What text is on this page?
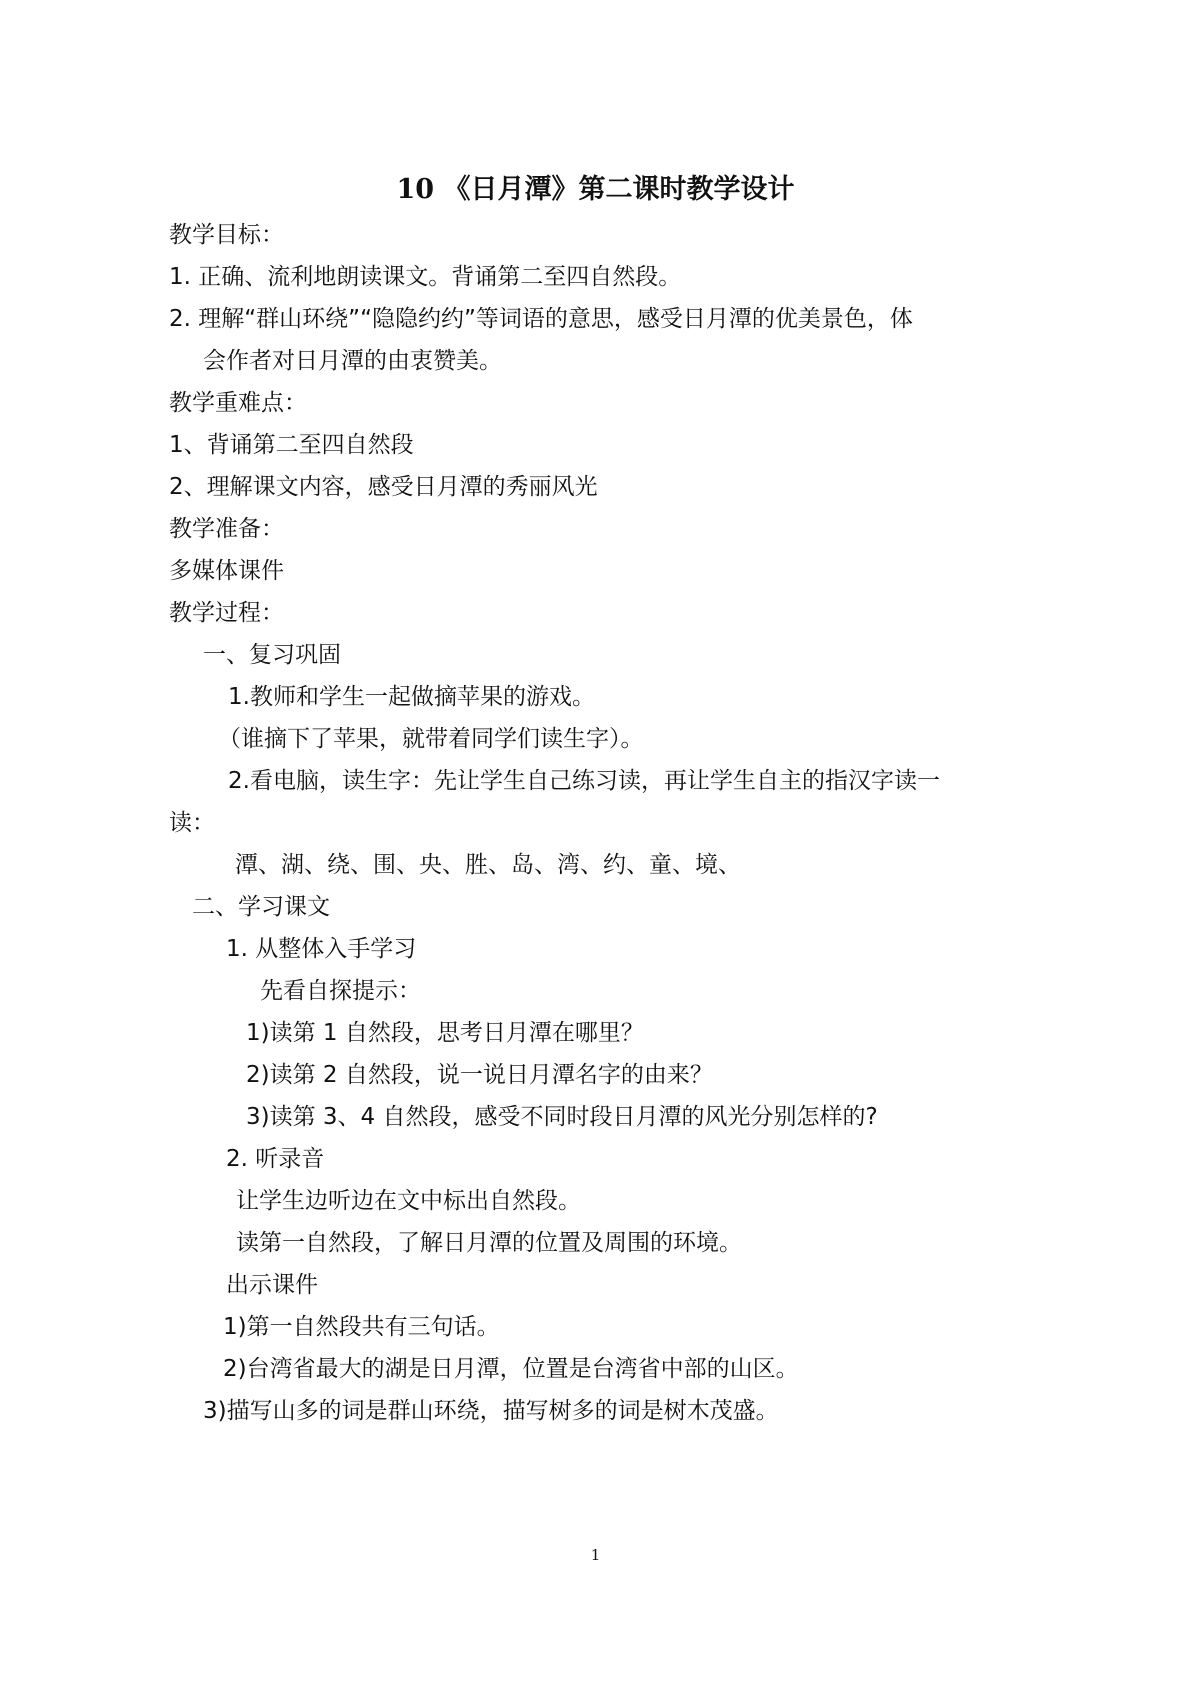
10 《日月潭》第二课时教学设计
教学目标：
1. 正确、流利地朗读课文。背诵第二至四自然段。
2. 理解“群山环绕”“隐隐约约”等词语的意思，感受日月潭的优美景色，体
会作者对日月潭的由衷赞美。
教学重难点：
1、背诵第二至四自然段
2、理解课文内容，感受日月潭的秀丽风光
教学准备：
多媒体课件
教学过程：
一、复习巩固
1.教师和学生一起做摘苹果的游戏。
（谁摘下了苹果，就带着同学们读生字）。
2.看电脑，读生字：先让学生自己练习读，再让学生自主的指汉字读一
读：
潭、湖、绕、围、央、胜、岛、湾、约、童、境、
二、学习课文
1. 从整体入手学习
先看自探提示：
1)读第 1 自然段，思考日月潭在哪里？
2)读第 2 自然段，说一说日月潭名字的由来？
3)读第 3、4 自然段，感受不同时段日月潭的风光分别怎样的?
2. 听录音
让学生边听边在文中标出自然段。
读第一自然段，了解日月潭的位置及周围的环境。
出示课件
1)第一自然段共有三句话。
2)台湾省最大的湖是日月潭，位置是台湾省中部的山区。
3)描写山多的词是群山环绕，描写树多的词是树木茂盛。
1
